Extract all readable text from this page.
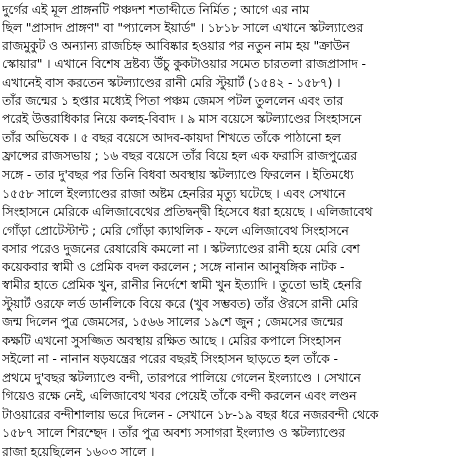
দুর্গের এই মূল প্রাঙ্গনটি পঞ্চদশ শতাব্দীতে নির্মিত ; আগে এর নাম
ছিল "প্রাসাদ প্রাঙ্গণ" বা "প্যালেস ইয়ার্ড" । ১৮১৮ সালে এখানে স্কটল্যাণ্ডের
রাজমুকুট ও অন্যান্য রাজচিহ্ন আবিষ্কার হওয়ার পর নতুন নাম হয় "ক্রাউন
স্কোয়ার" । এখানে বিশেষ দ্রষ্টব্য উঁচু কুকটাওয়ার সমেত চারতলা রাজপ্রাসাদ -
এখানেই বাস করতেন স্কটল্যাণ্ডের রানী মেরি স্টুয়ার্ট (১৫৪২ - ১৫৮৭) ।
তাঁর জন্মের ১ হপ্তার মধ্যেই পিতা পঞ্চম জেমস পটল তুললেন এবং তার
পরেই উত্তরাধিকার নিয়ে কলহ-বিবাদ । ৯ মাস বয়েসে স্কটল্যাণ্ডের সিংহাসনে
তাঁর অভিষেক । ৫ বছর বয়েসে আদব-কায়দা শিখতে তাঁকে পাঠানো হল
ফ্রান্সের রাজসভায় ; ১৬ বছর বয়েসে তাঁর বিয়ে হল এক ফরাসি রাজপুত্রের
সঙ্গে - তার দু'বছর পর তিনি বিধবা অবস্থায় স্কটল্যাণ্ডে ফিরলেন । ইতিমধ্যে
১৫৫৮ সালে ইংল্যাণ্ডের রাজা অষ্টম হেনরির মৃত্যু ঘটেছে । এবং সেখানে
সিংহাসনে মেরিকে এলিজাবেথের প্রতিদ্বন্দ্বী হিসেবে ধরা হয়েছে । এলিজাবেথ
গোঁড়া প্রোটেস্টান্ট ; মেরি গোঁড়া ক্যাথলিক - ফলে এলিজাবেথ সিংহাসনে
বসার পরেও দুজনের রেষারেষি কমলো না । স্কটল্যাণ্ডের রানী হয়ে মেরি বেশ
কয়েকবার স্বামী ও প্রেমিক বদল করলেন ; সঙ্গে নানান আনুষঙ্গিক নাটক -
স্বামীর হাতে প্রেমিক খুন, রানীর নির্দেশে স্বামী খুন ইত্যাদি । তুতো ভাই হেনরি
স্টুয়ার্ট ওরফে লর্ড ডার্নলিকে বিয়ে করে (খুব সম্ভবত) তাঁর ঔরসে রানী মেরি
জন্ম দিলেন পুত্র জেমসের, ১৫৬৬ সালের ১৯শে জুন ; জেমসের জন্মের
কক্ষটি এখনো সুসজ্জিত অবস্থায় রক্ষিত আছে । মেরির কপালে সিংহাসন
সইলো না - নানান ষড়যন্ত্রের পরের বছরই সিংহাসন ছাড়তে হল তাঁকে -
প্রথমে দু'বছর স্কটল্যাণ্ডে বন্দী, তারপরে পালিয়ে গেলেন ইংল্যাণ্ডে । সেখানে
গিয়েও রক্ষে নেই, এলিজাবেথ খবর পেয়েই তাঁকে বন্দী করলেন এবং লণ্ডন
টাওয়ারের বন্দীশালায় ভরে দিলেন - সেখানে ১৮-১৯ বছর ধরে নজরবন্দী থেকে
১৫৮৭ সালে শিরশ্ছেদ । তাঁর পুত্র অবশ্য সসাগরা ইংল্যাণ্ড ও স্কটল্যাণ্ডের
রাজা হয়েছিলেন ১৬০৩ সালে ।
